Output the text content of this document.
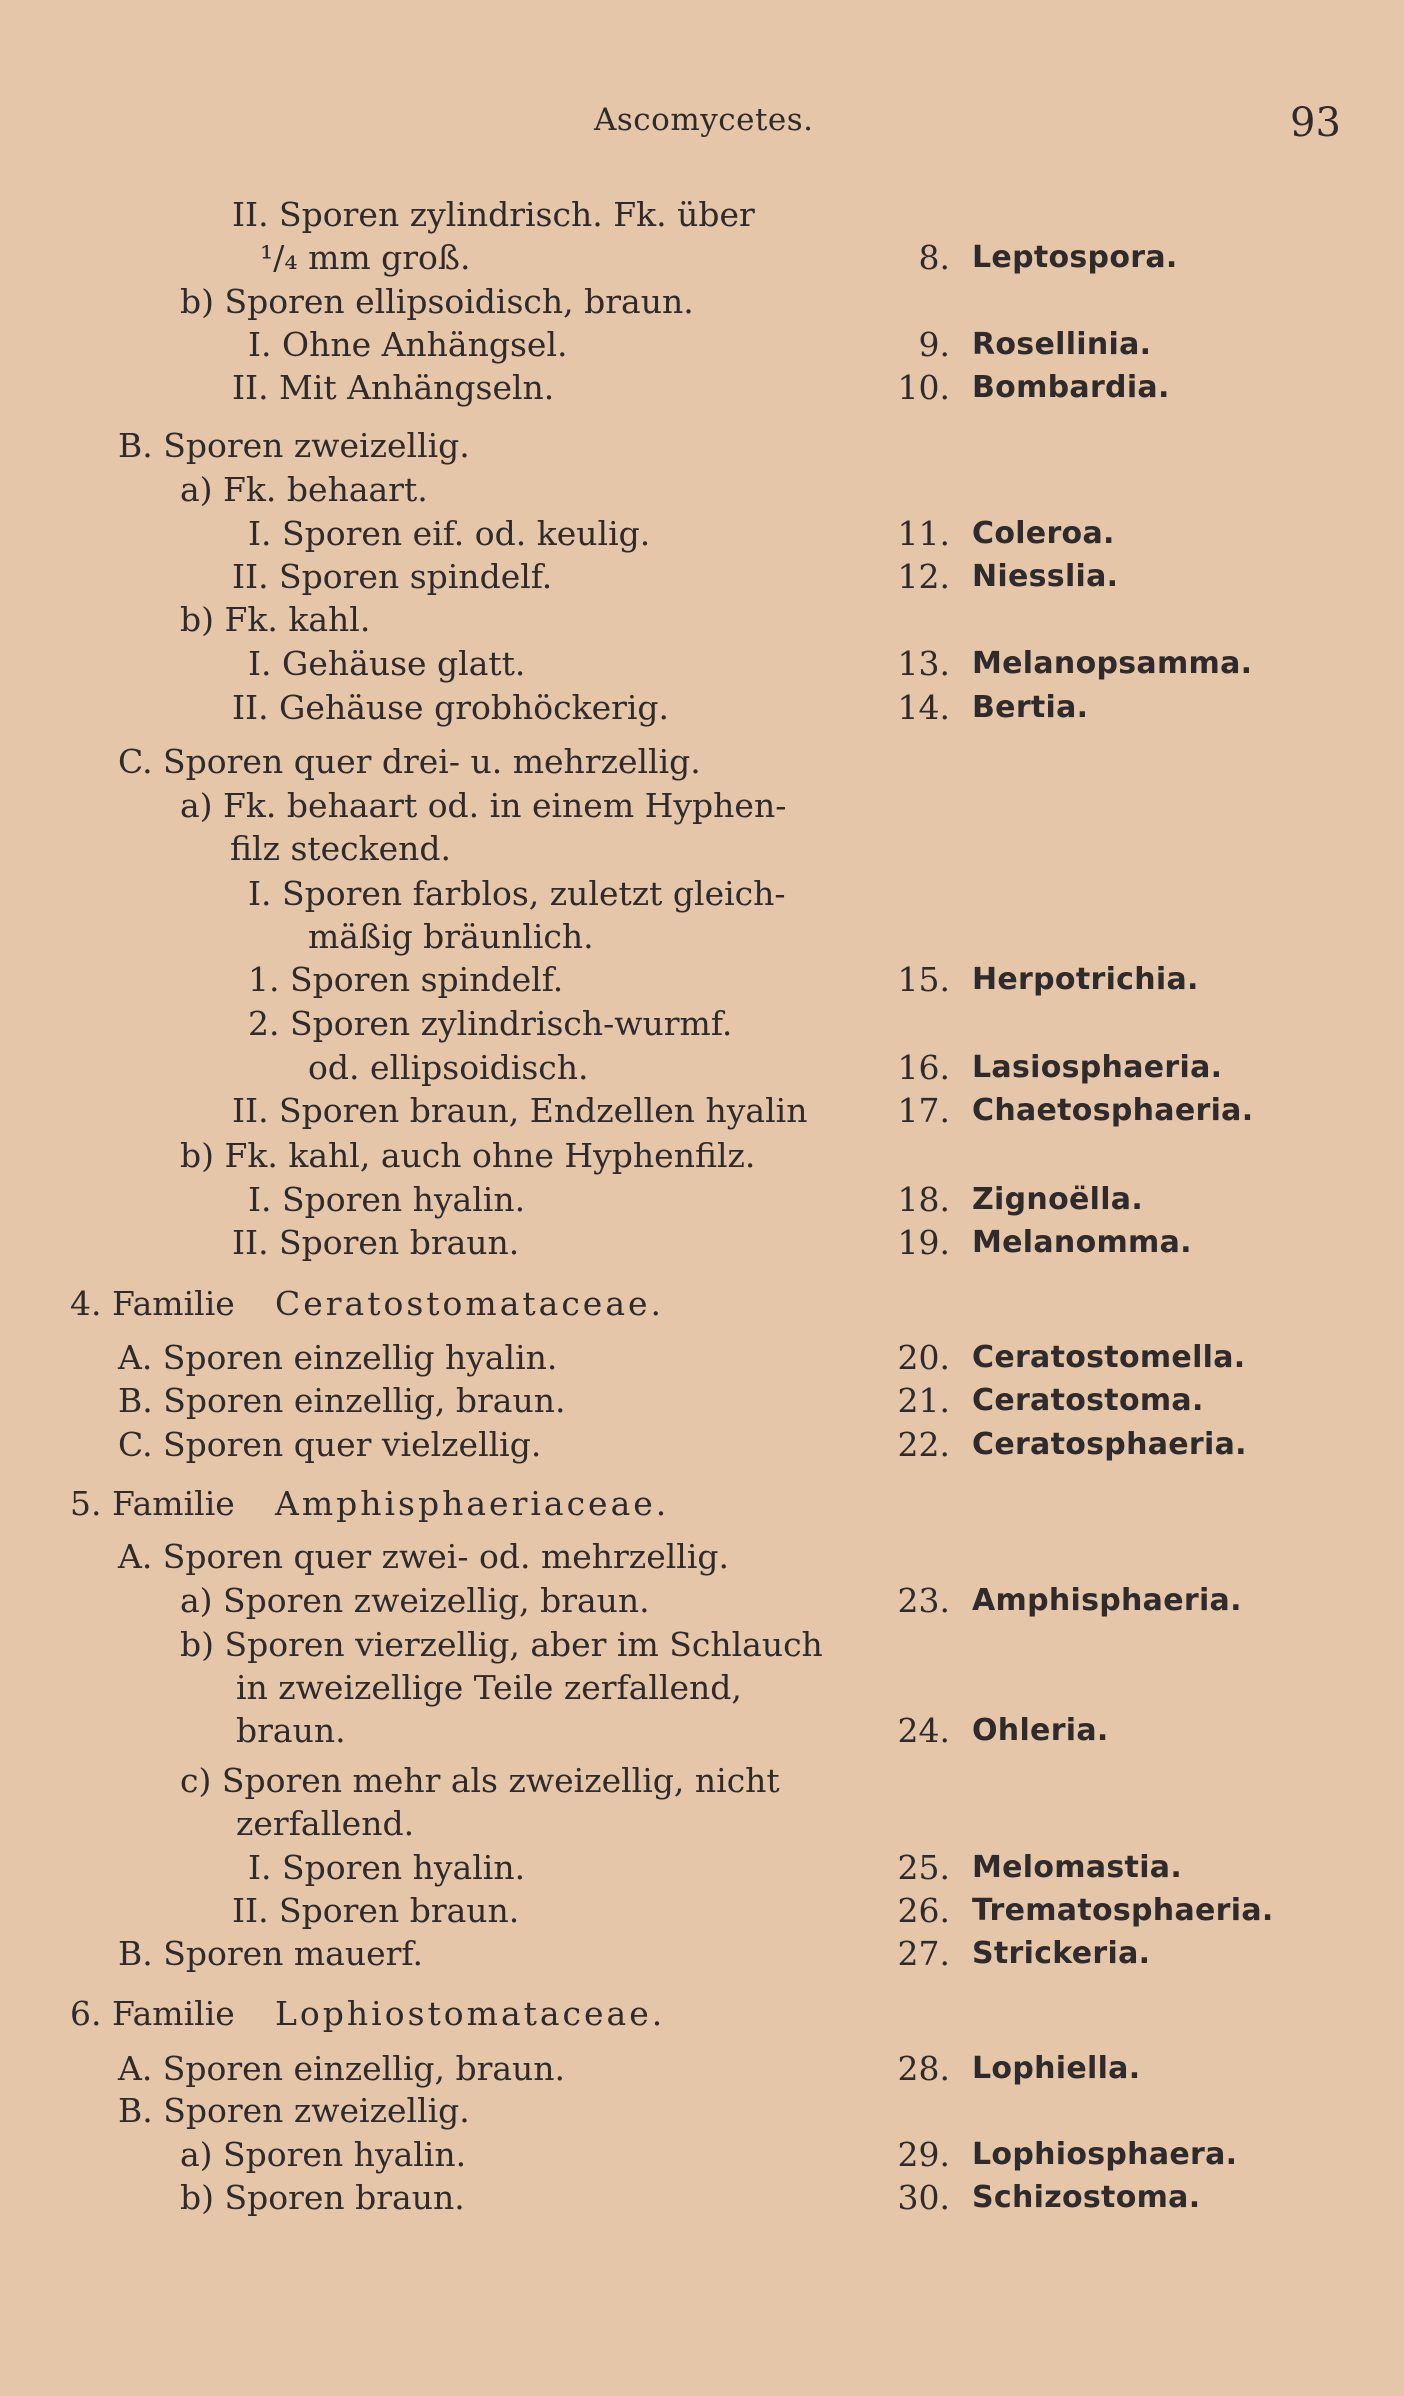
Ascomycetes.	93
II. Sporen zylindrisch. Fk. über
¹/₄ mm groß.	8. Leptospora.
b) Sporen ellipsoidisch, braun.
I. Ohne Anhängsel.	9. Rosellinia.
II. Mit Anhängseln.	10. Bombardia.
B. Sporen zweizellig.
a) Fk. behaart.
I. Sporen eif. od. keulig.	11. Coleroa.
II. Sporen spindelf.	12. Niesslia.
b) Fk. kahl.
I. Gehäuse glatt.	13. Melanopsamma.
II. Gehäuse grobhöckerig.	14. Bertia.
C. Sporen quer drei- u. mehrzellig.
a) Fk. behaart od. in einem Hyphen-
filz steckend.
I. Sporen farblos, zuletzt gleich-
mäßig bräunlich.
1. Sporen spindelf.	15. Herpotrichia.
2. Sporen zylindrisch-wurmf.
od. ellipsoidisch.	16. Lasiosphaeria.
II. Sporen braun, Endzellen hyalin	17. Chaetosphaeria.
b) Fk. kahl, auch ohne Hyphenfilz.
I. Sporen hyalin.	18. Zignoëlla.
II. Sporen braun.	19. Melanomma.
4. Familie Ceratostomataceae.
A. Sporen einzellig hyalin.	20. Ceratostomella.
B. Sporen einzellig, braun.	21. Ceratostoma.
C. Sporen quer vielzellig.	22. Ceratosphaeria.
5. Familie Amphisphaeriaceae.
A. Sporen quer zwei- od. mehrzellig.
a) Sporen zweizellig, braun.	23. Amphisphaeria.
b) Sporen vierzellig, aber im Schlauch
in zweizellige Teile zerfallend,
braun.	24. Ohleria.
c) Sporen mehr als zweizellig, nicht
zerfallend.
I. Sporen hyalin.	25. Melomastia.
II. Sporen braun.	26. Trematosphaeria.
B. Sporen mauerf.	27. Strickeria.
6. Familie Lophiostomataceae.
A. Sporen einzellig, braun.	28. Lophiella.
B. Sporen zweizellig.
a) Sporen hyalin.	29. Lophiosphaera.
b) Sporen braun.	30. Schizostoma.
